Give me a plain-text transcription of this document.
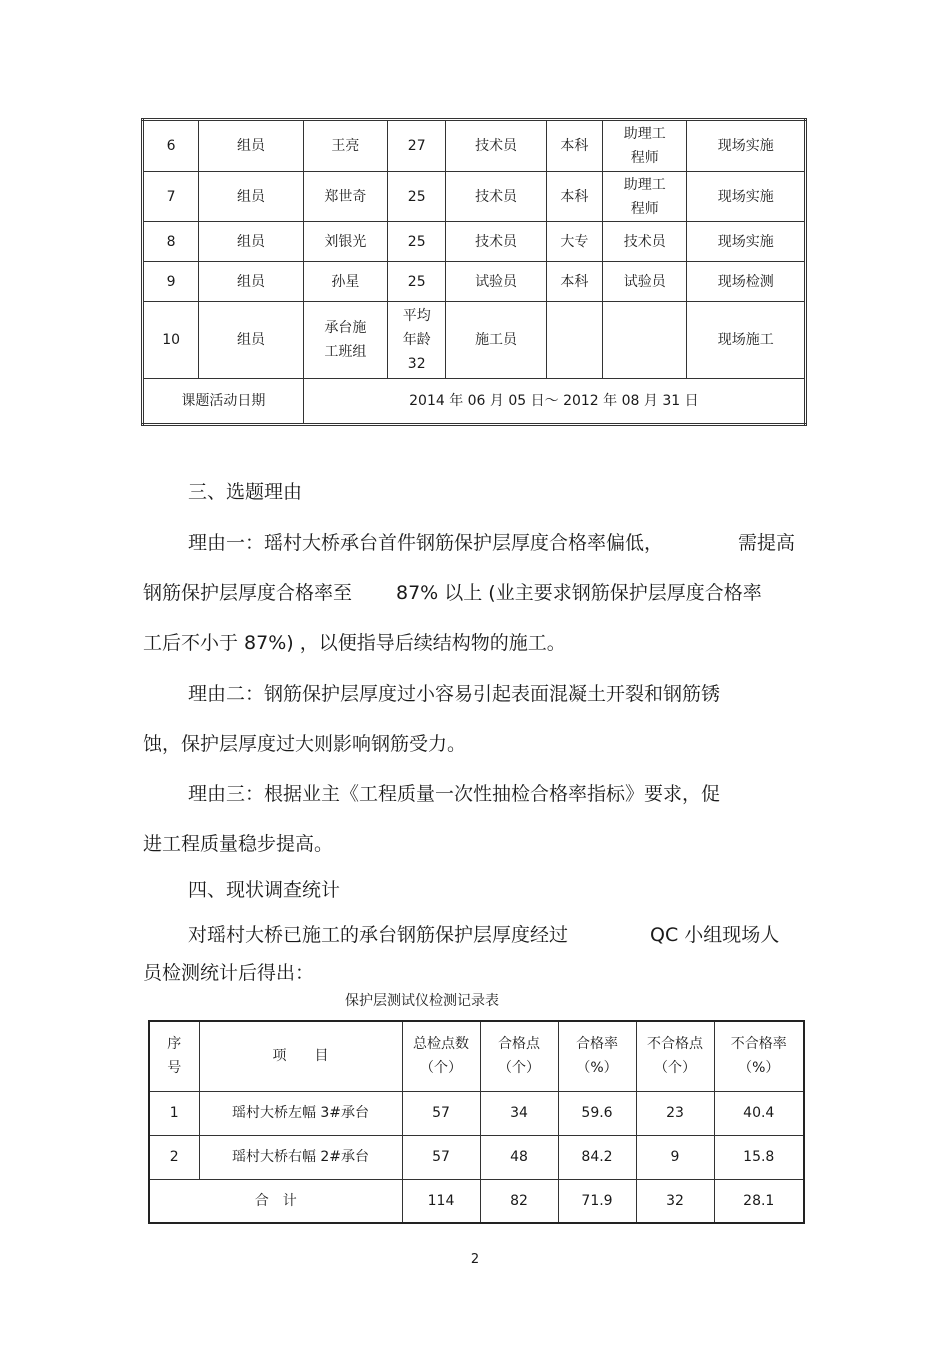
6	组员	王亮	27	技术员	本科	助理工程师	现场实施
7	组员	郑世奇	25	技术员	本科	助理工程师	现场实施
8	组员	刘银光	25	技术员	大专	技术员	现场实施
9	组员	孙星	25	试验员	本科	试验员	现场检测
10	组员	承台施工班组	平均年龄32	施工员			现场施工
课题活动日期		2014 年 06 月 05 日～ 2012 年 08 月 31 日					

三、选题理由

理由一：瑶村大桥承台首件钢筋保护层厚度合格率偏低，	需提高

钢筋保护层厚度合格率至 87% 以上 (业主要求钢筋保护层厚度合格率

工后不小于 87%) ，以便指导后续结构物的施工。

理由二：钢筋保护层厚度过小容易引起表面混凝土开裂和钢筋锈

蚀，保护层厚度过大则影响钢筋受力。

理由三：根据业主《工程质量一次性抽检合格率指标》要求，促

进工程质量稳步提高。

四、现状调查统计

对瑶村大桥已施工的承台钢筋保护层厚度经过	QC 小组现场人

员检测统计后得出：

保护层测试仪检测记录表

序号	项　　目	总检点数（个）	合格点（个）	合格率（%）	不合格点（个）	不合格率（%）
1	瑶村大桥左幅 3#承台	57	34	59.6	23	40.4
2	瑶村大桥右幅 2#承台	57	48	84.2	9	15.8
合　计		114	82	71.9	32	28.1

2
